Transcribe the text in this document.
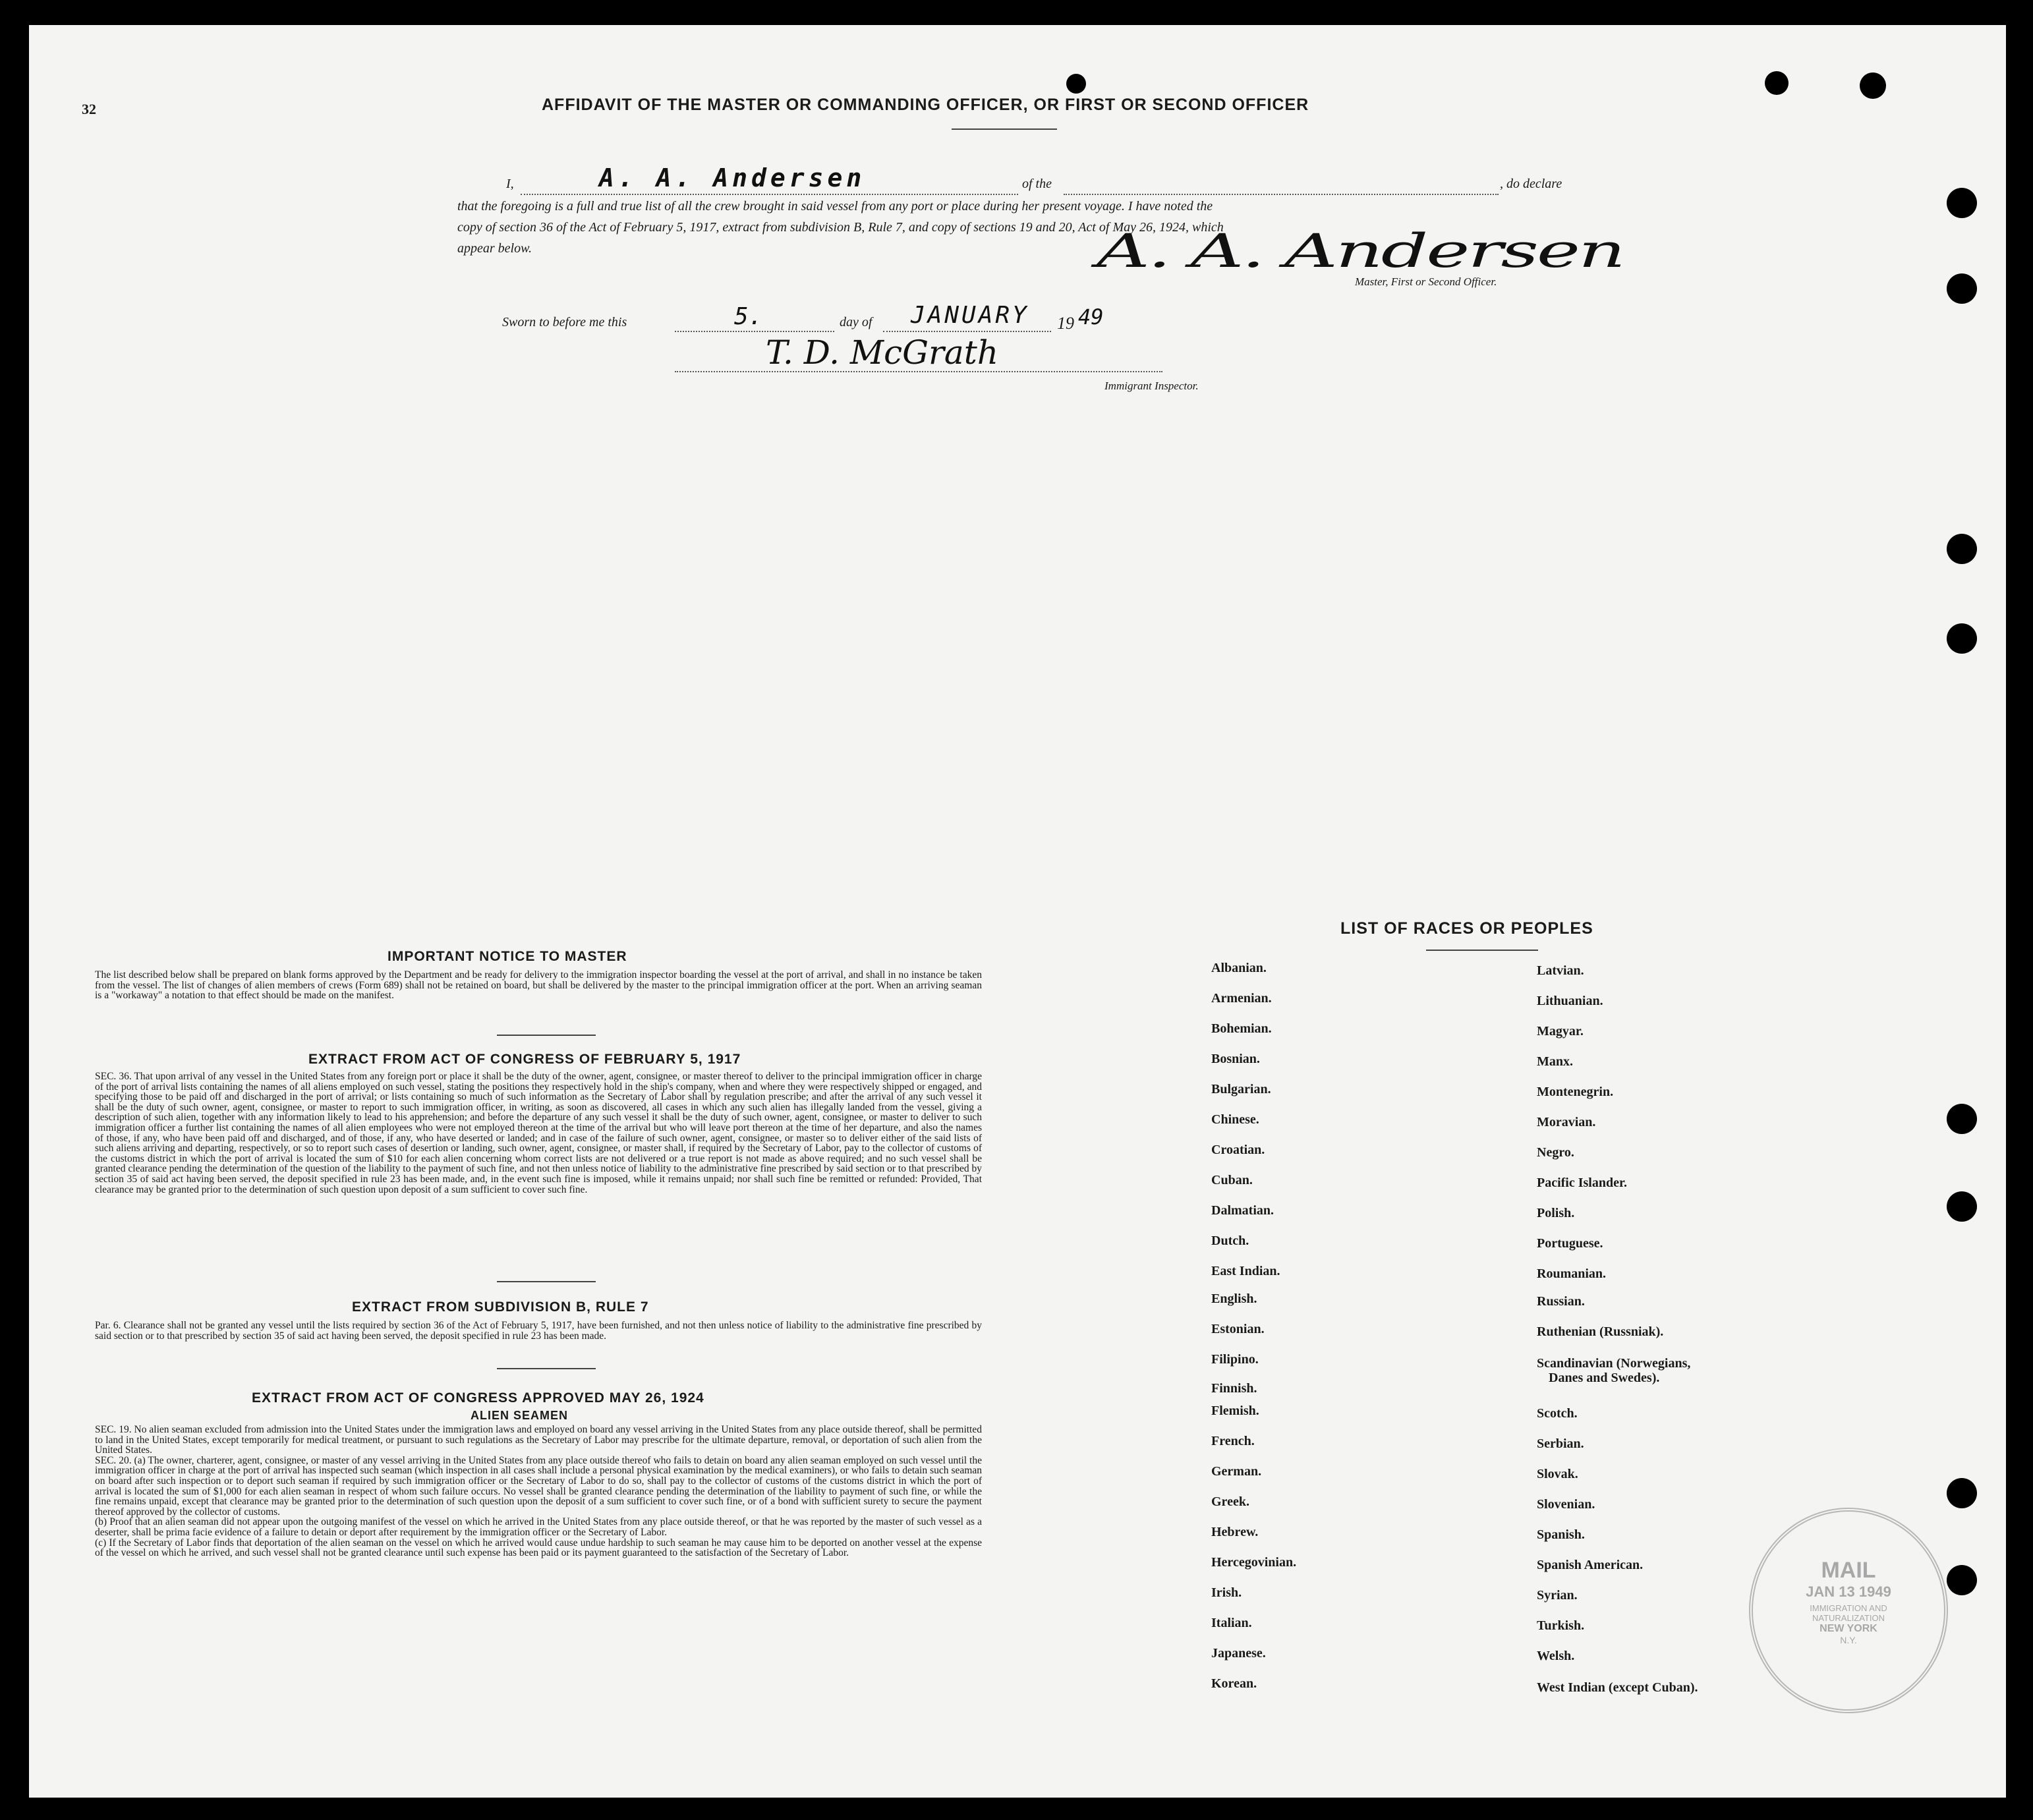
32	AFFIDAVIT OF THE MASTER OR COMMANDING OFFICER, OR FIRST OR SECOND OFFICER
I,	A. A. Andersen	of the	, do declare
that the foregoing is a full and true list of all the crew brought in said vessel from any port or place during her present voyage. I have noted the
copy of section 36 of the Act of February 5, 1917, extract from subdivision B, Rule 7, and copy of sections 19 and 20, Act of May 26, 1924, which
appear below.	A. A. Andersen
Master, First or Second Officer.
Sworn to before me this	5.	day of JANUARY 19 49
T. D. McGrath
Immigrant Inspector.
IMPORTANT NOTICE TO MASTER
The list described below shall be prepared on blank forms approved by the Department and be ready for delivery to the immigration inspector boarding the vessel at the port of arrival, and shall in no instance be taken from the vessel. The list of changes of alien members of crews (Form 689) shall not be retained on board, but shall be delivered by the master to the principal immigration officer at the port. When an arriving seaman is a "workaway" a notation to that effect should be made on the manifest.
EXTRACT FROM ACT OF CONGRESS OF FEBRUARY 5, 1917
SEC. 36. That upon arrival of any vessel in the United States from any foreign port or place it shall be the duty of the owner, agent, consignee, or master thereof to deliver to the principal immigration officer in charge of the port of arrival lists containing the names of all aliens employed on such vessel, stating the positions they respectively hold in the ship's company, when and where they were respectively shipped or engaged, and specifying those to be paid off and discharged in the port of arrival; or lists containing so much of such information as the Secretary of Labor shall by regulation prescribe; and after the arrival of any such vessel it shall be the duty of such owner, agent, consignee, or master to report to such immigration officer, in writing, as soon as discovered, all cases in which any such alien has illegally landed from the vessel, giving a description of such alien, together with any information likely to lead to his apprehension; and before the departure of any such vessel it shall be the duty of such owner, agent, consignee, or master to deliver to such immigration officer a further list containing the names of all alien employees who were not employed thereon at the time of the arrival but who will leave port thereon at the time of her departure, and also the names of those, if any, who have been paid off and discharged, and of those, if any, who have deserted or landed; and in case of the failure of such owner, agent, consignee, or master so to deliver either of the said lists of such aliens arriving and departing, respectively, or so to report such cases of desertion or landing, such owner, agent, consignee, or master shall, if required by the Secretary of Labor, pay to the collector of customs of the customs district in which the port of arrival is located the sum of $10 for each alien concerning whom correct lists are not delivered or a true report is not made as above required; and no such vessel shall be granted clearance pending the determination of the question of the liability to the payment of such fine, and not then unless notice of liability to the administrative fine prescribed by said section or to that prescribed by section 35 of said act having been served, the deposit specified in rule 23 has been made, and, in the event such fine is imposed, while it remains unpaid; nor shall such fine be remitted or refunded: Provided, That clearance may be granted prior to the determination of such question upon deposit of a sum sufficient to cover such fine.
EXTRACT FROM SUBDIVISION B, RULE 7
Par. 6. Clearance shall not be granted any vessel until the lists required by section 36 of the Act of February 5, 1917, have been furnished, and not then unless notice of liability to the administrative fine prescribed by said section or to that prescribed by section 35 of said act having been served, the deposit specified in rule 23 has been made.
EXTRACT FROM ACT OF CONGRESS APPROVED MAY 26, 1924
ALIEN SEAMEN
SEC. 19. No alien seaman excluded from admission into the United States under the immigration laws and employed on board any vessel arriving in the United States from any place outside thereof, shall be permitted to land in the United States, except temporarily for medical treatment, or pursuant to such regulations as the Secretary of Labor may prescribe for the ultimate departure, removal, or deportation of such alien from the United States.
SEC. 20. (a) The owner, charterer, agent, consignee, or master of any vessel arriving in the United States from any place outside thereof who fails to detain on board any alien seaman employed on such vessel until the immigration officer in charge at the port of arrival has inspected such seaman (which inspection in all cases shall include a personal physical examination by the medical examiners), or who fails to detain such seaman on board after such inspection or to deport such seaman if required by such immigration officer or the Secretary of Labor to do so, shall pay to the collector of customs of the customs district in which the port of arrival is located the sum of $1,000 for each alien seaman in respect of whom such failure occurs. No vessel shall be granted clearance pending the determination of the liability to payment of such fine, or while the fine remains unpaid, except that clearance may be granted prior to the determination of such question upon the deposit of a sum sufficient to cover such fine, or of a bond with sufficient surety to secure the payment thereof approved by the collector of customs.
(b) Proof that an alien seaman did not appear upon the outgoing manifest of the vessel on which he arrived in the United States from any place outside thereof, or that he was reported by the master of such vessel as a deserter, shall be prima facie evidence of a failure to detain or deport after requirement by the immigration officer or the Secretary of Labor.
(c) If the Secretary of Labor finds that deportation of the alien seaman on the vessel on which he arrived would cause undue hardship to such seaman he may cause him to be deported on another vessel at the expense of the vessel on which he arrived, and such vessel shall not be granted clearance until such expense has been paid or its payment guaranteed to the satisfaction of the Secretary of Labor.
LIST OF RACES OR PEOPLES
Albanian.
Armenian.
Bohemian.
Bosnian.
Bulgarian.
Chinese.
Croatian.
Cuban.
Dalmatian.
Dutch.
East Indian.
English.
Estonian.
Filipino.
Finnish.
Flemish.
French.
German.
Greek.
Hebrew.
Hercegovinian.
Irish.
Italian.
Japanese.
Korean.
Latvian.
Lithuanian.
Magyar.
Manx.
Montenegrin.
Moravian.
Negro.
Pacific Islander.
Polish.
Portuguese.
Roumanian.
Russian.
Ruthenian (Russniak).
Scandinavian (Norwegians,
Danes and Swedes).
Scotch.
Serbian.
Slovak.
Slovenian.
Spanish.
Spanish American.
Syrian.
Turkish.
Welsh.
West Indian (except Cuban).
MAIL
JAN 13 1949
IMMIGRATION AND
NATURALIZATION
NEW YORK
N.Y.
